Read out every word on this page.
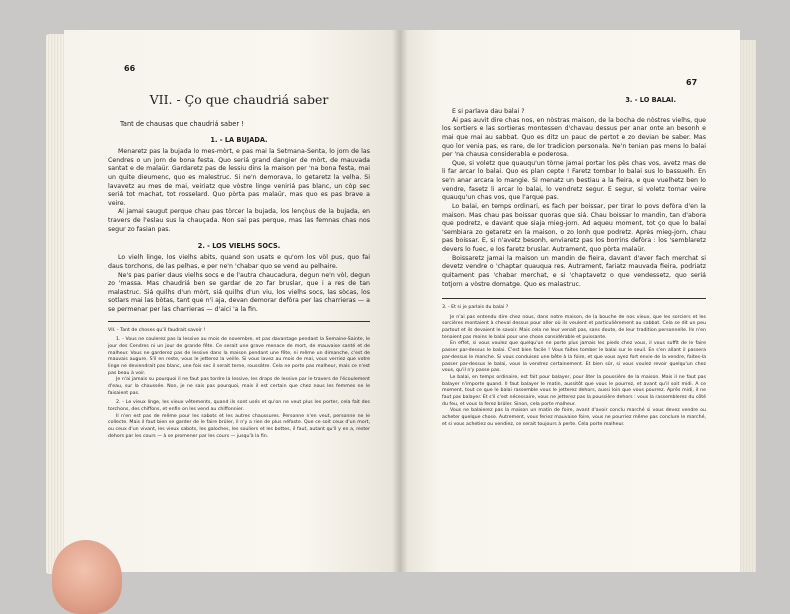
66
VII. - Ço que chaudriá saber
Tant de chausas que chaudriá saber !
1. - LA BUJADA.

Menaretz pas la bujada lo mes-mòrt, e pas mai la Setmana-Senta, lo jorn de las Cendres o un jorn de bona festa. Quo seriá grand dangier de mòrt, de mauvada santat e de malaür. Gardaretz pas de lessiu dins la maison per 'na bona festa, mai un quite dieumenc, quo es malestruc. Si ne'n demorava, lo getaretz la velha. Si lavavetz au mes de mai, veiriatz que vòstre linge veniriá pas blanc, un còp sec seriá tot machat, tot rosselard. Quo pòrta pas malaür, mas quo es pas brave a veire.

Ai jamai saugut perque chau pas tòrcer la bujada, los lençòus de la bujada, en travers de l'eslau sus la chauçada. Non sai pas perque, mas las femnas chas nos segur zo fasian pas.

2. - LOS VIELHS SOCS.

Lo vielh linge, los vielhs abits, quand son usats e qu'om los vòl pus, quo fai daus torchons, de las pelhas, e per ne'n 'chabar quo se vend au pelhaire.

Ne's pas parier daus vielhs socs e de l'autra chaucadura, degun ne'n vòl, degun zo 'massa. Mas chaudriá ben se gardar de zo far bruslar, que i a res de tan malastruc. Siá quilhs d'un mòrt, siá quilhs d'un viu, los vielhs socs, las sòcas, los sotlars mai las bòtas, tant que n'i aja, devan demorar defòra per las charrieras — a se permenar per las charrieras — d'aici 'a la fin.

VII. - Tant de choses qu'il faudrait savoir !

1. - Vous ne coulerez pas la lessive au mois de novembre, et pas davantage pendant la Semaine-Sainte, le jour des Cendres ni un jour de grande fête. Ce serait une grave menace de mort, de mauvaise santé et de malheur. Vous ne garderez pas de lessive dans la maison pendant une fête, ni même un dimanche, c'est de mauvais augure. S'il en reste, vous le jetterez la veille. Si vous lavez au mois de mai, vous verriez que votre linge ne deviendrait pas blanc, une fois sec il serait terne, roussâtre. Cela ne porte pas malheur, mais ce n'est pas beau à voir.

Je n'ai jamais su pourquoi il ne faut pas tordre la lessive, les draps de lessive par le travers de l'écoulement d'eau, sur la chaussée. Non, je ne sais pas pourquoi, mais il est certain que chez nous les femmes ne le faisaient pas.

2. - Le vieux linge, les vieux vêtements, quand ils sont usés et qu'on ne veut plus les porter, cela fait des torchons, des chiffons, et enfin on les vend au chiffonnier.

Il n'en est pas de même pour les sabots et les autres chaussures. Personne n'en veut, personne ne le collecte. Mais il faut bien se garder de le faire brûler, il n'y a rien de plus néfaste. Que ce soit ceux d'un mort, ou ceux d'un vivant, les vieux sabots, les galoches, les souliers et les bottes, il faut, autant qu'il y en a, rester dehors par les cours — à se promener par les cours — jusqu'à la fin.

67
3. - LO BALAI.

E si parlava dau balai ?

Ai pas auvit dire chas nos, en nòstras maison, de la bocha de nòstres vielhs, que los sortiers e las sortieras montessen d'chavau dessus per anar onte an besonh e mai que mai au sabbat. Quo es ditz un pauc de pertot e zo devian be saber. Mas quo lor venia pas, es rare, de lor tradicion personala. Ne'n tenian pas mens lo balai per 'na chausa considerabla e poderosa.

Que, si voletz que quauqu'un tòrne jamai portar los pès chas vos, avetz mas de li far arcar lo balai. Quo es plan cepte ! Faretz tombar lo balai sus lo bassuelh. En se'n anar arcara lo mangie. Si menatz un bestiau a la fieira, e que vuelhetz ben lo vendre, fasetz li arcar lo balai, lo vendretz segur. E segur, si voletz tornar veire quauqu'un chas vos, que l'arque pas.

Lo balai, en temps ordinari, es fach per boissar, per tirar lo povs defòra d'en la maison. Mas chau pas boissar quoras que siá. Chau boissar lo mandin, tan d'abora que podretz, e davant que siaja mieg-jorn. Ad aqueu moment, tot ço que lo balai 'sembiara zo getaretz en la maison, o zo lonh que podretz. Après mieg-jorn, chau pas boissar. E, si n'avetz besonh, enviaretz pas los borrins defòra : los 'semblaretz devers lo fuec, e los faretz bruslar. Autrament, quo pòrta malaür.

Boissaretz jamai la maison un mandin de fieira, davant d'aver fach merchat si devetz vendre o 'chaptar quauqua res. Autrament, fariatz mauvada fieira, podriatz quitament pas 'chabar merchat, e si 'chaptavetz o que vendessetz, quo seriá totjorn a vòstre domatge. Quo es malastruc.

3. - Et si je parlais du balai ?

Je n'ai pas entendu dire chez nous, dans notre maison, de la bouche de nos vieux, que les sorciers et les sorcières montaient à cheval dessus pour aller où ils veulent et particulièrement au sabbat. Cela se dit un peu partout et ils devaient le savoir. Mais cela ne leur venait pas, sans doute, de leur tradition personnelle. Ils n'en tenaient pas moins le balai pour une chose considérable et puissante.

En effet, si vous voulez que quelqu'un ne porte plus jamais les pieds chez vous, il vous suffit de le faire passer par-dessus le balai. C'est bien facile ! Vous faites tomber le balai sur le seuil. En s'en allant il passera par-dessus le manche. Si vous conduisez une bête à la foire, et que vous ayez fort envie de la vendre, faites-la passer par-dessus le balai, vous la vendrez certainement. Et bien sûr, si vous voulez revoir quelqu'un chez vous, qu'il n'y passe pas.

Le balai, en temps ordinaire, est fait pour balayer, pour ôter la poussière de la maison. Mais il ne faut pas balayer n'importe quand. Il faut balayer le matin, aussitôt que vous le pourrez, et avant qu'il soit midi. A ce moment, tout ce que le balai rassemble vous le jetterez dehors, aussi loin que vous pourrez. Après midi, il ne faut pas balayer. Et s'il c'est nécessaire, vous ne jetterez pas la poussière dehors : vous la rassemblerez du côté du feu, et vous la ferez brûler. Sinon, cela porte malheur.

Vous ne balaierez pas la maison un matin de foire, avant d'avoir conclu marché si vous devez vendre ou acheter quelque chose. Autrement, vous feriez mauvaise foire, vous ne pourriez même pas conclure le marché, et si vous achetiez ou vendiez, ce serait toujours à perte. Cela porte malheur.
